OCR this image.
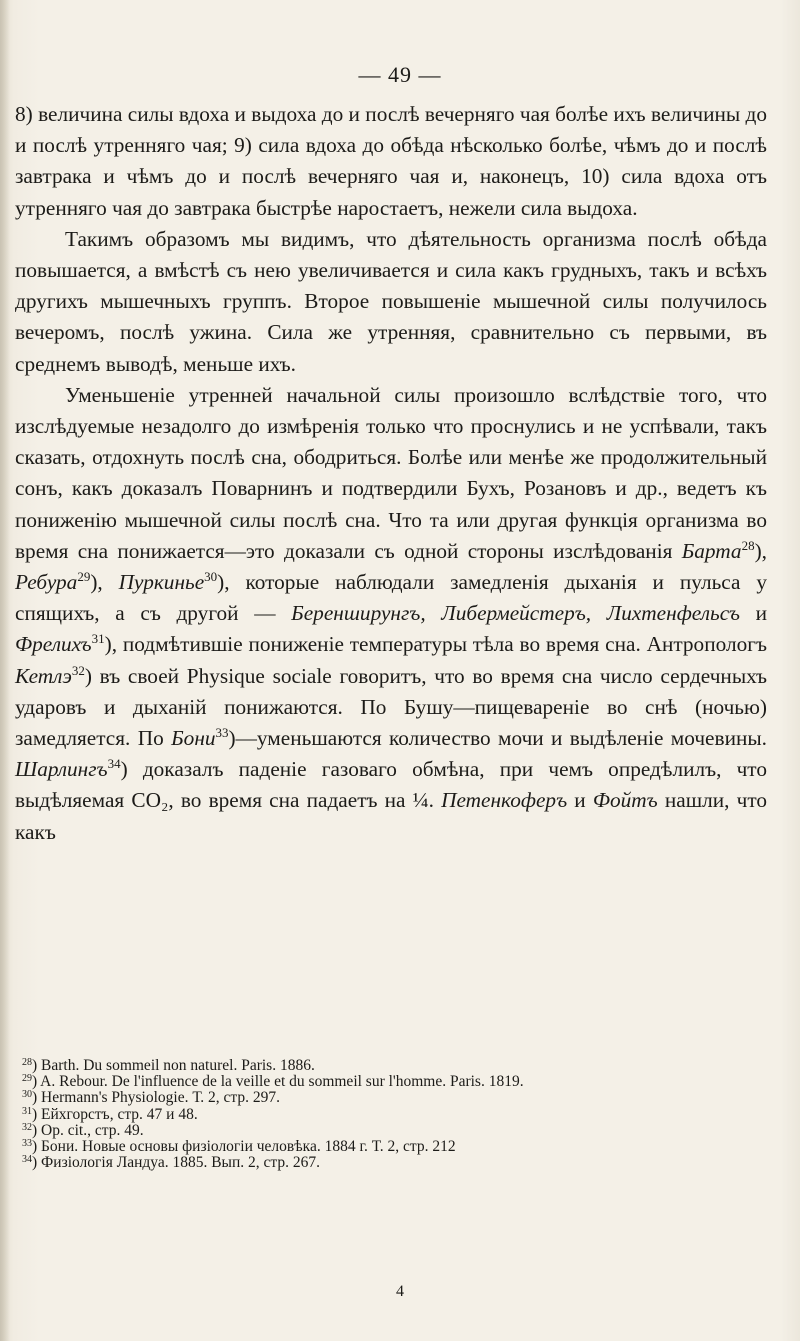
— 49 —

8) величина силы вдоха и выдоха до и послѣ вечерняго чая болѣе ихъ величины до и послѣ утренняго чая; 9) сила вдоха до обѣда нѣсколько болѣе, чѣмъ до и послѣ завтрака и чѣмъ до и послѣ вечерняго чая и, наконецъ, 10) сила вдоха отъ утренняго чая до завтрака быстрѣе наростаетъ, нежели сила выдоха.

Такимъ образомъ мы видимъ, что дѣятельность организма послѣ обѣда повышается, а вмѣстѣ съ нею увеличивается и сила какъ грудныхъ, такъ и всѣхъ другихъ мышечныхъ группъ. Второе повышеніе мышечной силы получилось вечеромъ, послѣ ужина. Сила же утренняя, сравнительно съ первыми, въ среднемъ выводѣ, меньше ихъ.

Уменьшеніе утренней начальной силы произошло вслѣдствіе того, что изслѣдуемые незадолго до измѣренія только что проснулись и не успѣвали, такъ сказать, отдохнуть послѣ сна, ободриться. Болѣе или менѣе же продолжительный сонъ, какъ доказалъ Поварнинъ и подтвердили Бухъ, Розановъ и др., ведетъ къ пониженію мышечной силы послѣ сна. Что та или другая функція организма во время сна понижается—это доказали съ одной стороны изслѣдованія Барта$^{28}$), Ребура$^{29}$), Пуркинье$^{30}$), которые наблюдали замедленія дыханія и пульса у спящихъ, а съ другой — Беренширунгъ, Либермейстеръ, Лихтенфельсъ и Фрелихъ$^{31}$), подмѣтившіе пониженіе температуры тѣла во время сна. Антропологъ Кетлэ$^{32}$) въ своей Physique sociale говоритъ, что во время сна число сердечныхъ ударовъ и дыханій понижаются. По Бушу—пищевареніе во снѣ (ночью) замедляется. По Бони$^{33}$)—уменьшаются количество мочи и выдѣленіе мочевины. Шарлингъ$^{34}$) доказалъ паденіе газоваго обмѣна, при чемъ опредѣлилъ, что выдѣляемая CO₂, во время сна падаетъ на ¼. Петенкоферъ и Фойтъ нашли, что какъ

$^{28}$) Barth. Du sommeil non naturel. Paris. 1886.
$^{29}$) A. Rebour. De l'influence de la veille et du sommeil sur l'homme. Paris. 1819.
$^{30}$) Hermann's Physiologie. Т. 2, стр. 297.
$^{31}$) Ейхгорстъ, стр. 47 и 48.
$^{32}$) Op. cit., стр. 49.
$^{33}$) Бони. Новые основы физіологіи человѣка. 1884 г. Т. 2, стр. 212
$^{34}$) Физіологія Ландуа. 1885. Вып. 2, стр. 267.
4
